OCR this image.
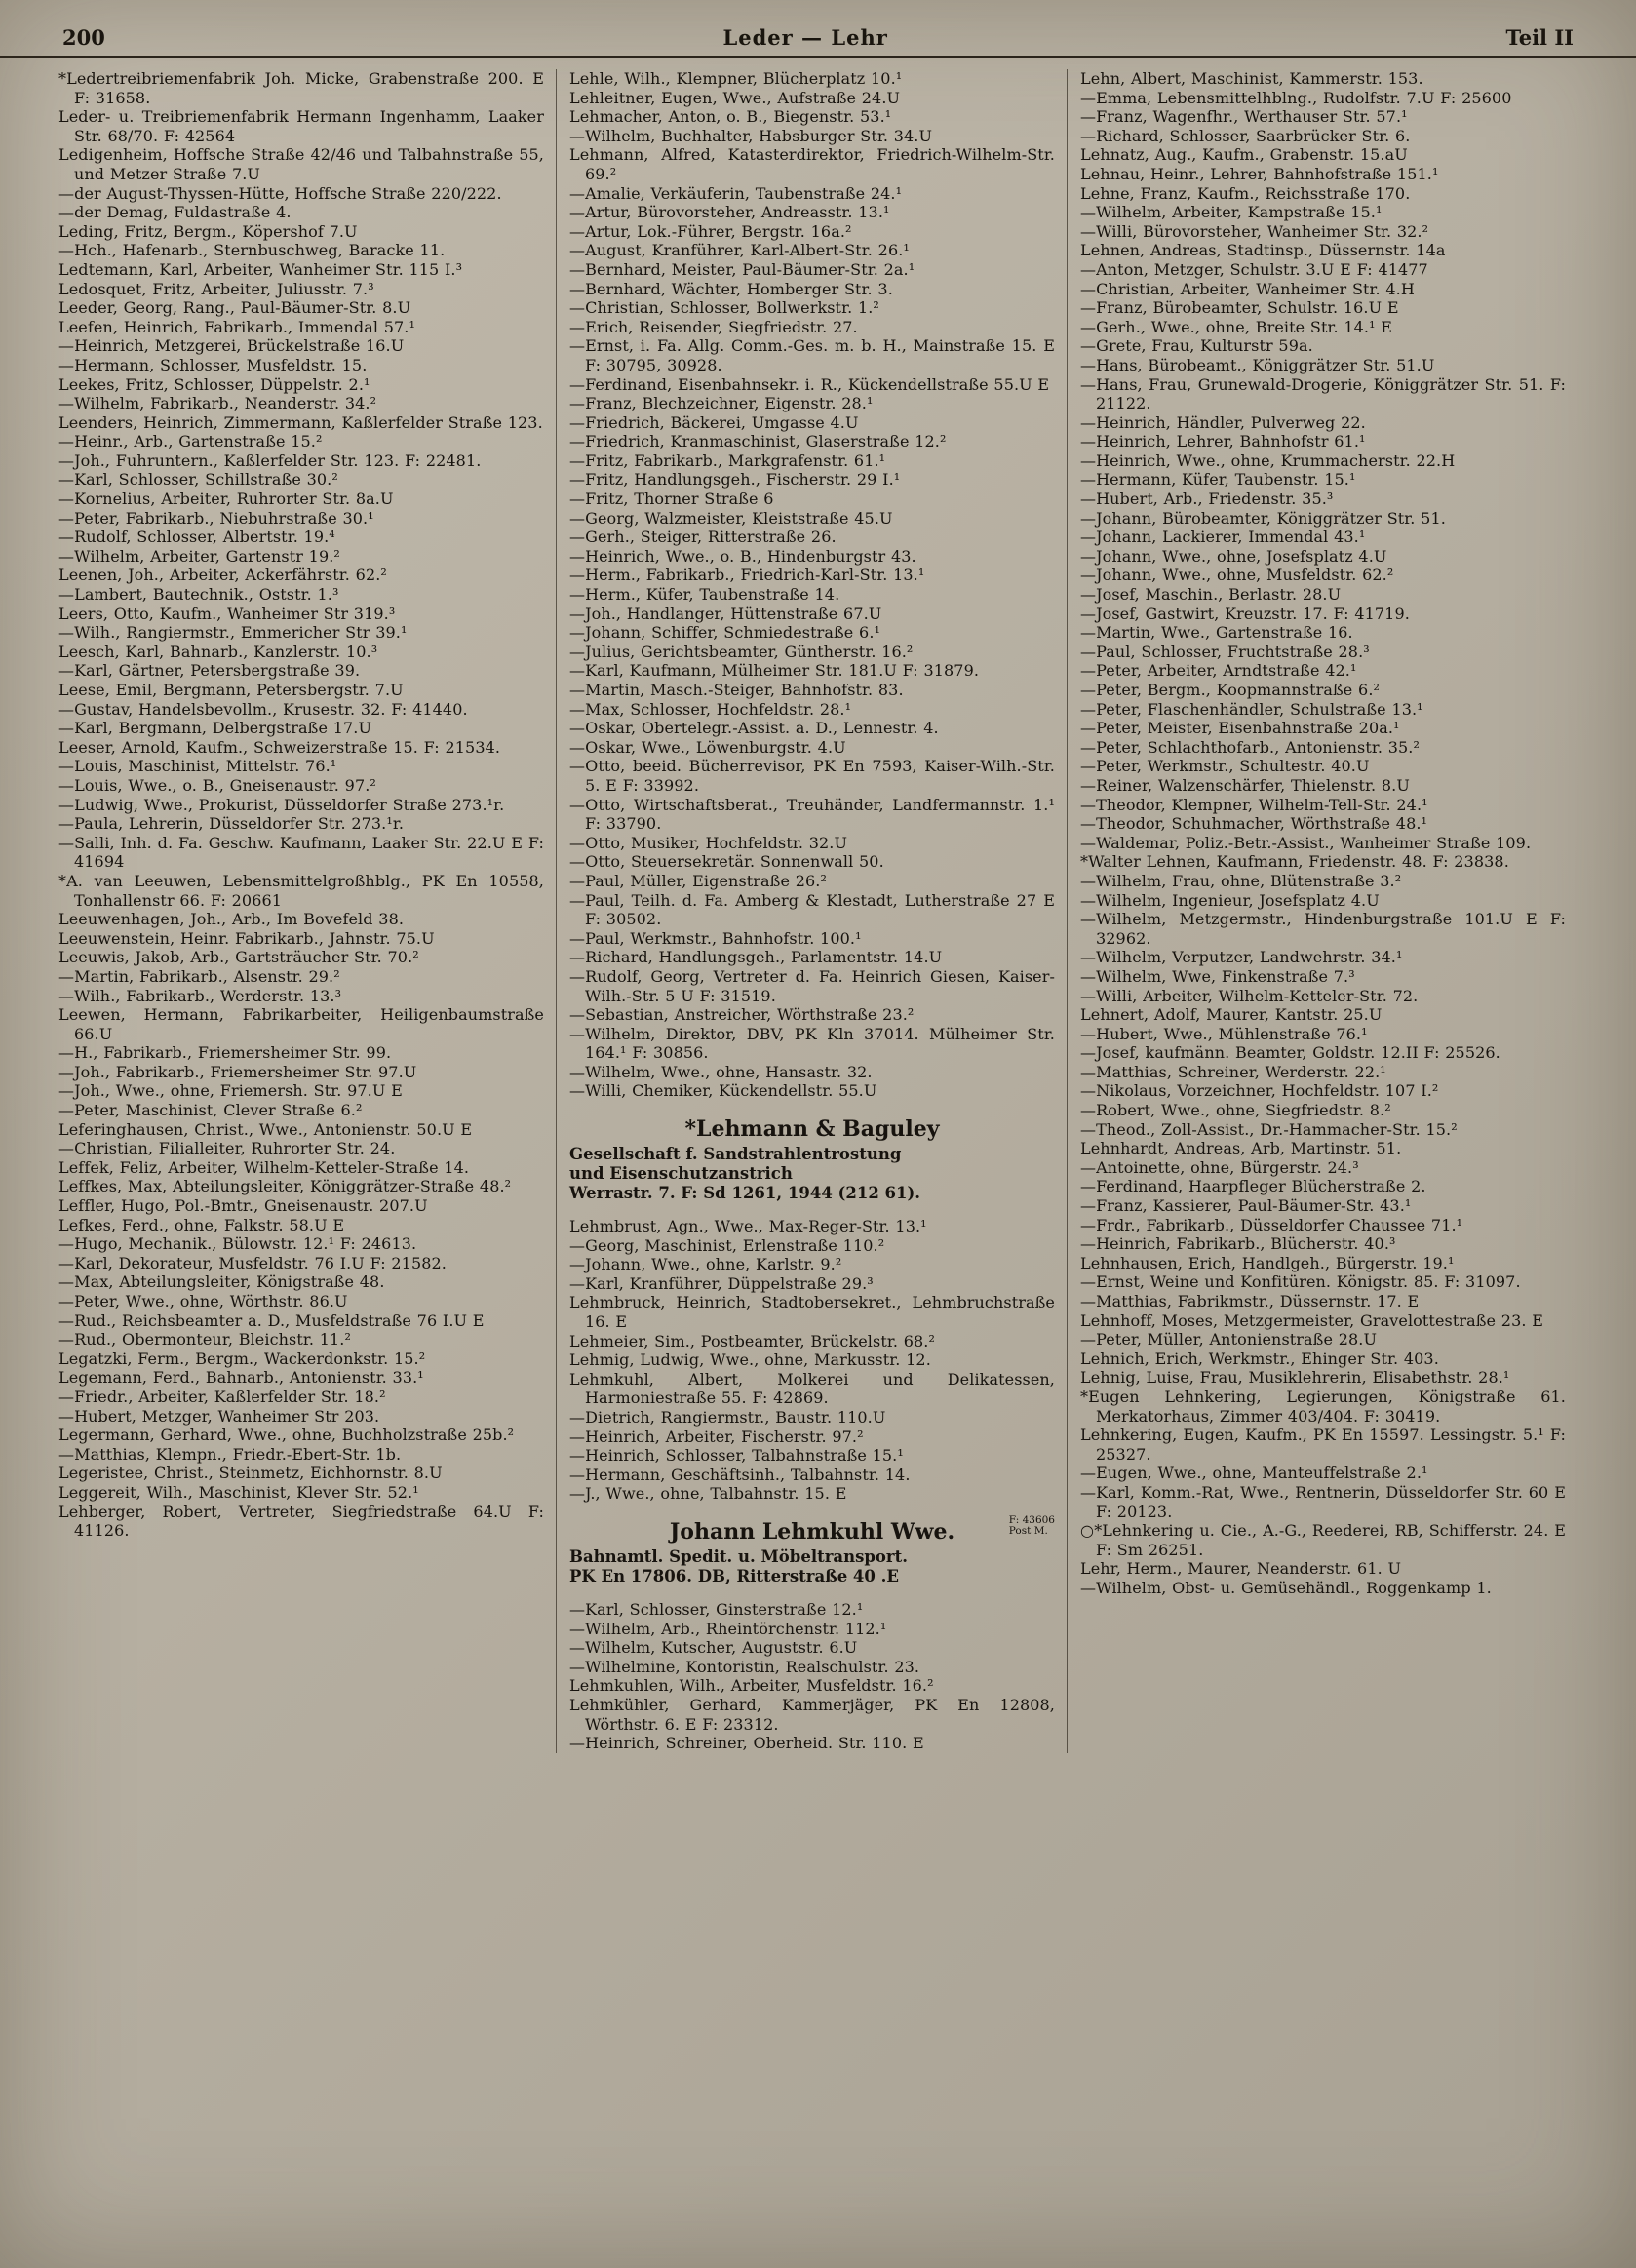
200	Leder — Lehr	Teil II

*Ledertreibriemenfabrik Joh. Micke, Grabenstraße 200. E F: 31658.

Leder- u. Treibriemenfabrik Hermann Ingenhamm, Laaker Str. 68/70. F: 42564

Ledigenheim, Hoffsche Straße 42/46 und Talbahnstraße 55, und Metzer Straße 7.U

—der August-Thyssen-Hütte, Hoffsche Straße 220/222.

—der Demag, Fuldastraße 4.

Leding, Fritz, Bergm., Köpershof 7.U

—Hch., Hafenarb., Sternbuschweg, Baracke 11.

Ledtemann, Karl, Arbeiter, Wanheimer Str. 115 I.³

Ledosquet, Fritz, Arbeiter, Juliusstr. 7.³

Leeder, Georg, Rang., Paul-Bäumer-Str. 8.U

Leefen, Heinrich, Fabrikarb., Immendal 57.¹

—Heinrich, Metzgerei, Brückelstraße 16.U

—Hermann, Schlosser, Musfeldstr. 15.

Leekes, Fritz, Schlosser, Düppelstr. 2.¹

—Wilhelm, Fabrikarb., Neanderstr. 34.²

Leenders, Heinrich, Zimmermann, Kaßlerfelder Straße 123.

—Heinr., Arb., Gartenstraße 15.²

—Joh., Fuhruntern., Kaßlerfelder Str. 123. F: 22481.

—Karl, Schlosser, Schillstraße 30.²

—Kornelius, Arbeiter, Ruhrorter Str. 8a.U

—Peter, Fabrikarb., Niebuhrstraße 30.¹

—Rudolf, Schlosser, Albertstr. 19.⁴

—Wilhelm, Arbeiter, Gartenstr 19.²

Leenen, Joh., Arbeiter, Ackerfährstr. 62.²

—Lambert, Bautechnik., Oststr. 1.³

Leers, Otto, Kaufm., Wanheimer Str 319.³

—Wilh., Rangiermstr., Emmericher Str 39.¹

Leesch, Karl, Bahnarb., Kanzlerstr. 10.³

—Karl, Gärtner, Petersbergstraße 39.

Leese, Emil, Bergmann, Petersbergstr. 7.U

—Gustav, Handelsbevollm., Krusestr. 32. F: 41440.

—Karl, Bergmann, Delbergstraße 17.U

Leeser, Arnold, Kaufm., Schweizerstraße 15. F: 21534.

—Louis, Maschinist, Mittelstr. 76.¹

—Louis, Wwe., o. B., Gneisenaustr. 97.²

—Ludwig, Wwe., Prokurist, Düsseldorfer Straße 273.¹r.

—Paula, Lehrerin, Düsseldorfer Str. 273.¹r.

—Salli, Inh. d. Fa. Geschw. Kaufmann, Laaker Str. 22.U E F: 41694

*A. van Leeuwen, Lebensmittelgroßhblg., PK En 10558, Tonhallenstr 66. F: 20661

Leeuwenhagen, Joh., Arb., Im Bovefeld 38.

Leeuwenstein, Heinr. Fabrikarb., Jahnstr. 75.U

Leeuwis, Jakob, Arb., Gartsträucher Str. 70.²

—Martin, Fabrikarb., Alsenstr. 29.²

—Wilh., Fabrikarb., Werderstr. 13.³

Leewen, Hermann, Fabrikarbeiter, Heiligenbaumstraße 66.U

—H., Fabrikarb., Friemersheimer Str. 99.

—Joh., Fabrikarb., Friemersheimer Str. 97.U

—Joh., Wwe., ohne, Friemersh. Str. 97.U E

—Peter, Maschinist, Clever Straße 6.²

Leferinghausen, Christ., Wwe., Antonienstr. 50.U E

—Christian, Filialleiter, Ruhrorter Str. 24.

Leffek, Feliz, Arbeiter, Wilhelm-Ketteler-Straße 14.

Leffkes, Max, Abteilungsleiter, Königgrätzer-Straße 48.²

Leffler, Hugo, Pol.-Bmtr., Gneisenaustr. 207.U

Lefkes, Ferd., ohne, Falkstr. 58.U E

—Hugo, Mechanik., Bülowstr. 12.¹ F: 24613.

—Karl, Dekorateur, Musfeldstr. 76 I.U F: 21582.

—Max, Abteilungsleiter, Königstraße 48.

—Peter, Wwe., ohne, Wörthstr. 86.U

—Rud., Reichsbeamter a. D., Musfeldstraße 76 I.U E

—Rud., Obermonteur, Bleichstr. 11.²

Legatzki, Ferm., Bergm., Wackerdonkstr. 15.²

Legemann, Ferd., Bahnarb., Antonienstr. 33.¹

—Friedr., Arbeiter, Kaßlerfelder Str. 18.²

—Hubert, Metzger, Wanheimer Str 203.

Legermann, Gerhard, Wwe., ohne, Buchholzstraße 25b.²

—Matthias, Klempn., Friedr.-Ebert-Str. 1b.

Legeristee, Christ., Steinmetz, Eichhornstr. 8.U

Leggereit, Wilh., Maschinist, Klever Str. 52.¹

Lehberger, Robert, Vertreter, Siegfriedstraße 64.U F: 41126.

Lehle, Wilh., Klempner, Blücherplatz 10.¹

Lehleitner, Eugen, Wwe., Aufstraße 24.U

Lehmacher, Anton, o. B., Biegenstr. 53.¹

—Wilhelm, Buchhalter, Habsburger Str. 34.U

Lehmann, Alfred, Katasterdirektor, Friedrich-Wilhelm-Str. 69.²

—Amalie, Verkäuferin, Taubenstraße 24.¹

—Artur, Bürovorsteher, Andreasstr. 13.¹

—Artur, Lok.-Führer, Bergstr. 16a.²

—August, Kranführer, Karl-Albert-Str. 26.¹

—Bernhard, Meister, Paul-Bäumer-Str. 2a.¹

—Bernhard, Wächter, Homberger Str. 3.

—Christian, Schlosser, Bollwerkstr. 1.²

—Erich, Reisender, Siegfriedstr. 27.

—Ernst, i. Fa. Allg. Comm.-Ges. m. b. H., Mainstraße 15. E F: 30795, 30928.

—Ferdinand, Eisenbahnsekr. i. R., Kückendellstraße 55.U E

—Franz, Blechzeichner, Eigenstr. 28.¹

—Friedrich, Bäckerei, Umgasse 4.U

—Friedrich, Kranmaschinist, Glaserstraße 12.²

—Fritz, Fabrikarb., Markgrafenstr. 61.¹

—Fritz, Handlungsgeh., Fischerstr. 29 I.¹

—Fritz, Thorner Straße 6

—Georg, Walzmeister, Kleiststraße 45.U

—Gerh., Steiger, Ritterstraße 26.

—Heinrich, Wwe., o. B., Hindenburgstr 43.

—Herm., Fabrikarb., Friedrich-Karl-Str. 13.¹

—Herm., Küfer, Taubenstraße 14.

—Joh., Handlanger, Hüttenstraße 67.U

—Johann, Schiffer, Schmiedestraße 6.¹

—Julius, Gerichtsbeamter, Güntherstr. 16.²

—Karl, Kaufmann, Mülheimer Str. 181.U F: 31879.

—Martin, Masch.-Steiger, Bahnhofstr. 83.

—Max, Schlosser, Hochfeldstr. 28.¹

—Oskar, Obertelegr.-Assist. a. D., Lennestr. 4.

—Oskar, Wwe., Löwenburgstr. 4.U

—Otto, beeid. Bücherrevisor, PK En 7593, Kaiser-Wilh.-Str. 5. E F: 33992.

—Otto, Wirtschaftsberat., Treuhänder, Landfermannstr. 1.¹ F: 33790.

—Otto, Musiker, Hochfeldstr. 32.U

—Otto, Steuersekretär. Sonnenwall 50.

—Paul, Müller, Eigenstraße 26.²

—Paul, Teilh. d. Fa. Amberg & Klestadt, Lutherstraße 27 E F: 30502.

—Paul, Werkmstr., Bahnhofstr. 100.¹

—Richard, Handlungsgeh., Parlamentstr. 14.U

—Rudolf, Georg, Vertreter d. Fa. Heinrich Giesen, Kaiser-Wilh.-Str. 5 U F: 31519.

—Sebastian, Anstreicher, Wörthstraße 23.²

—Wilhelm, Direktor, DBV, PK Kln 37014. Mülheimer Str. 164.¹ F: 30856.

—Wilhelm, Wwe., ohne, Hansastr. 32.

—Willi, Chemiker, Kückendellstr. 55.U

*Lehmann & Baguley
Gesellschaft f. Sandstrahlentrostung
und Eisenschutzanstrich
Werrastr. 7. F: Sd 1261, 1944 (212 61).

Lehmbrust, Agn., Wwe., Max-Reger-Str. 13.¹

—Georg, Maschinist, Erlenstraße 110.²

—Johann, Wwe., ohne, Karlstr. 9.²

—Karl, Kranführer, Düppelstraße 29.³

Lehmbruck, Heinrich, Stadtobersekret., Lehmbruchstraße 16. E

Lehmeier, Sim., Postbeamter, Brückelstr. 68.²

Lehmig, Ludwig, Wwe., ohne, Markusstr. 12.

Lehmkuhl, Albert, Molkerei und Delikatessen, Harmoniestraße 55. F: 42869.

—Dietrich, Rangiermstr., Baustr. 110.U

—Heinrich, Arbeiter, Fischerstr. 97.²

—Heinrich, Schlosser, Talbahnstraße 15.¹

—Hermann, Geschäftsinh., Talbahnstr. 14.

—J., Wwe., ohne, Talbahnstr. 15. E

F: 43606
Post M.
Johann Lehmkuhl Wwe.
Bahnamtl. Spedit. u. Möbeltransport.
PK En 17806. DB, Ritterstraße 40 .E

—Karl, Schlosser, Ginsterstraße 12.¹

—Wilhelm, Arb., Rheintörchenstr. 112.¹

—Wilhelm, Kutscher, Auguststr. 6.U

—Wilhelmine, Kontoristin, Realschulstr. 23.

Lehmkuhlen, Wilh., Arbeiter, Musfeldstr. 16.²

Lehmkühler, Gerhard, Kammerjäger, PK En 12808, Wörthstr. 6. E F: 23312.

—Heinrich, Schreiner, Oberheid. Str. 110. E

Lehn, Albert, Maschinist, Kammerstr. 153.

—Emma, Lebensmittelhblng., Rudolfstr. 7.U F: 25600

—Franz, Wagenfhr., Werthauser Str. 57.¹

—Richard, Schlosser, Saarbrücker Str. 6.

Lehnatz, Aug., Kaufm., Grabenstr. 15.aU

Lehnau, Heinr., Lehrer, Bahnhofstraße 151.¹

Lehne, Franz, Kaufm., Reichsstraße 170.

—Wilhelm, Arbeiter, Kampstraße 15.¹

—Willi, Bürovorsteher, Wanheimer Str. 32.²

Lehnen, Andreas, Stadtinsp., Düssernstr. 14a

—Anton, Metzger, Schulstr. 3.U E F: 41477

—Christian, Arbeiter, Wanheimer Str. 4.H

—Franz, Bürobeamter, Schulstr. 16.U E

—Gerh., Wwe., ohne, Breite Str. 14.¹ E

—Grete, Frau, Kulturstr 59a.

—Hans, Bürobeamt., Königgrätzer Str. 51.U

—Hans, Frau, Grunewald-Drogerie, Königgrätzer Str. 51. F: 21122.

—Heinrich, Händler, Pulverweg 22.

—Heinrich, Lehrer, Bahnhofstr 61.¹

—Heinrich, Wwe., ohne, Krummacherstr. 22.H

—Hermann, Küfer, Taubenstr. 15.¹

—Hubert, Arb., Friedenstr. 35.³

—Johann, Bürobeamter, Königgrätzer Str. 51.

—Johann, Lackierer, Immendal 43.¹

—Johann, Wwe., ohne, Josefsplatz 4.U

—Johann, Wwe., ohne, Musfeldstr. 62.²

—Josef, Maschin., Berlastr. 28.U

—Josef, Gastwirt, Kreuzstr. 17. F: 41719.

—Martin, Wwe., Gartenstraße 16.

—Paul, Schlosser, Fruchtstraße 28.³

—Peter, Arbeiter, Arndtstraße 42.¹

—Peter, Bergm., Koopmannstraße 6.²

—Peter, Flaschenhändler, Schulstraße 13.¹

—Peter, Meister, Eisenbahnstraße 20a.¹

—Peter, Schlachthofarb., Antonienstr. 35.²

—Peter, Werkmstr., Schultestr. 40.U

—Reiner, Walzenschärfer, Thielenstr. 8.U

—Theodor, Klempner, Wilhelm-Tell-Str. 24.¹

—Theodor, Schuhmacher, Wörthstraße 48.¹

—Waldemar, Poliz.-Betr.-Assist., Wanheimer Straße 109.

*Walter Lehnen, Kaufmann, Friedenstr. 48. F: 23838.

—Wilhelm, Frau, ohne, Blütenstraße 3.²

—Wilhelm, Ingenieur, Josefsplatz 4.U

—Wilhelm, Metzgermstr., Hindenburgstraße 101.U E F: 32962.

—Wilhelm, Verputzer, Landwehrstr. 34.¹

—Wilhelm, Wwe, Finkenstraße 7.³

—Willi, Arbeiter, Wilhelm-Ketteler-Str. 72.

Lehnert, Adolf, Maurer, Kantstr. 25.U

—Hubert, Wwe., Mühlenstraße 76.¹

—Josef, kaufmänn. Beamter, Goldstr. 12.II F: 25526.

—Matthias, Schreiner, Werderstr. 22.¹

—Nikolaus, Vorzeichner, Hochfeldstr. 107 I.²

—Robert, Wwe., ohne, Siegfriedstr. 8.²

—Theod., Zoll-Assist., Dr.-Hammacher-Str. 15.²

Lehnhardt, Andreas, Arb, Martinstr. 51.

—Antoinette, ohne, Bürgerstr. 24.³

—Ferdinand, Haarpfleger Blücherstraße 2.

—Franz, Kassierer, Paul-Bäumer-Str. 43.¹

—Frdr., Fabrikarb., Düsseldorfer Chaussee 71.¹

—Heinrich, Fabrikarb., Blücherstr. 40.³

Lehnhausen, Erich, Handlgeh., Bürgerstr. 19.¹

—Ernst, Weine und Konfitüren. Königstr. 85. F: 31097.

—Matthias, Fabrikmstr., Düssernstr. 17. E

Lehnhoff, Moses, Metzgermeister, Gravelottestraße 23. E

—Peter, Müller, Antonienstraße 28.U

Lehnich, Erich, Werkmstr., Ehinger Str. 403.

Lehnig, Luise, Frau, Musiklehrerin, Elisabethstr. 28.¹

*Eugen Lehnkering, Legierungen, Königstraße 61. Merkatorhaus, Zimmer 403/404. F: 30419.

Lehnkering, Eugen, Kaufm., PK En 15597. Lessingstr. 5.¹ F: 25327.

—Eugen, Wwe., ohne, Manteuffelstraße 2.¹

—Karl, Komm.-Rat, Wwe., Rentnerin, Düsseldorfer Str. 60 E F: 20123.

○*Lehnkering u. Cie., A.-G., Reederei, RB, Schifferstr. 24. E F: Sm 26251.

Lehr, Herm., Maurer, Neanderstr. 61. U

—Wilhelm, Obst- u. Gemüsehändl., Roggenkamp 1.
